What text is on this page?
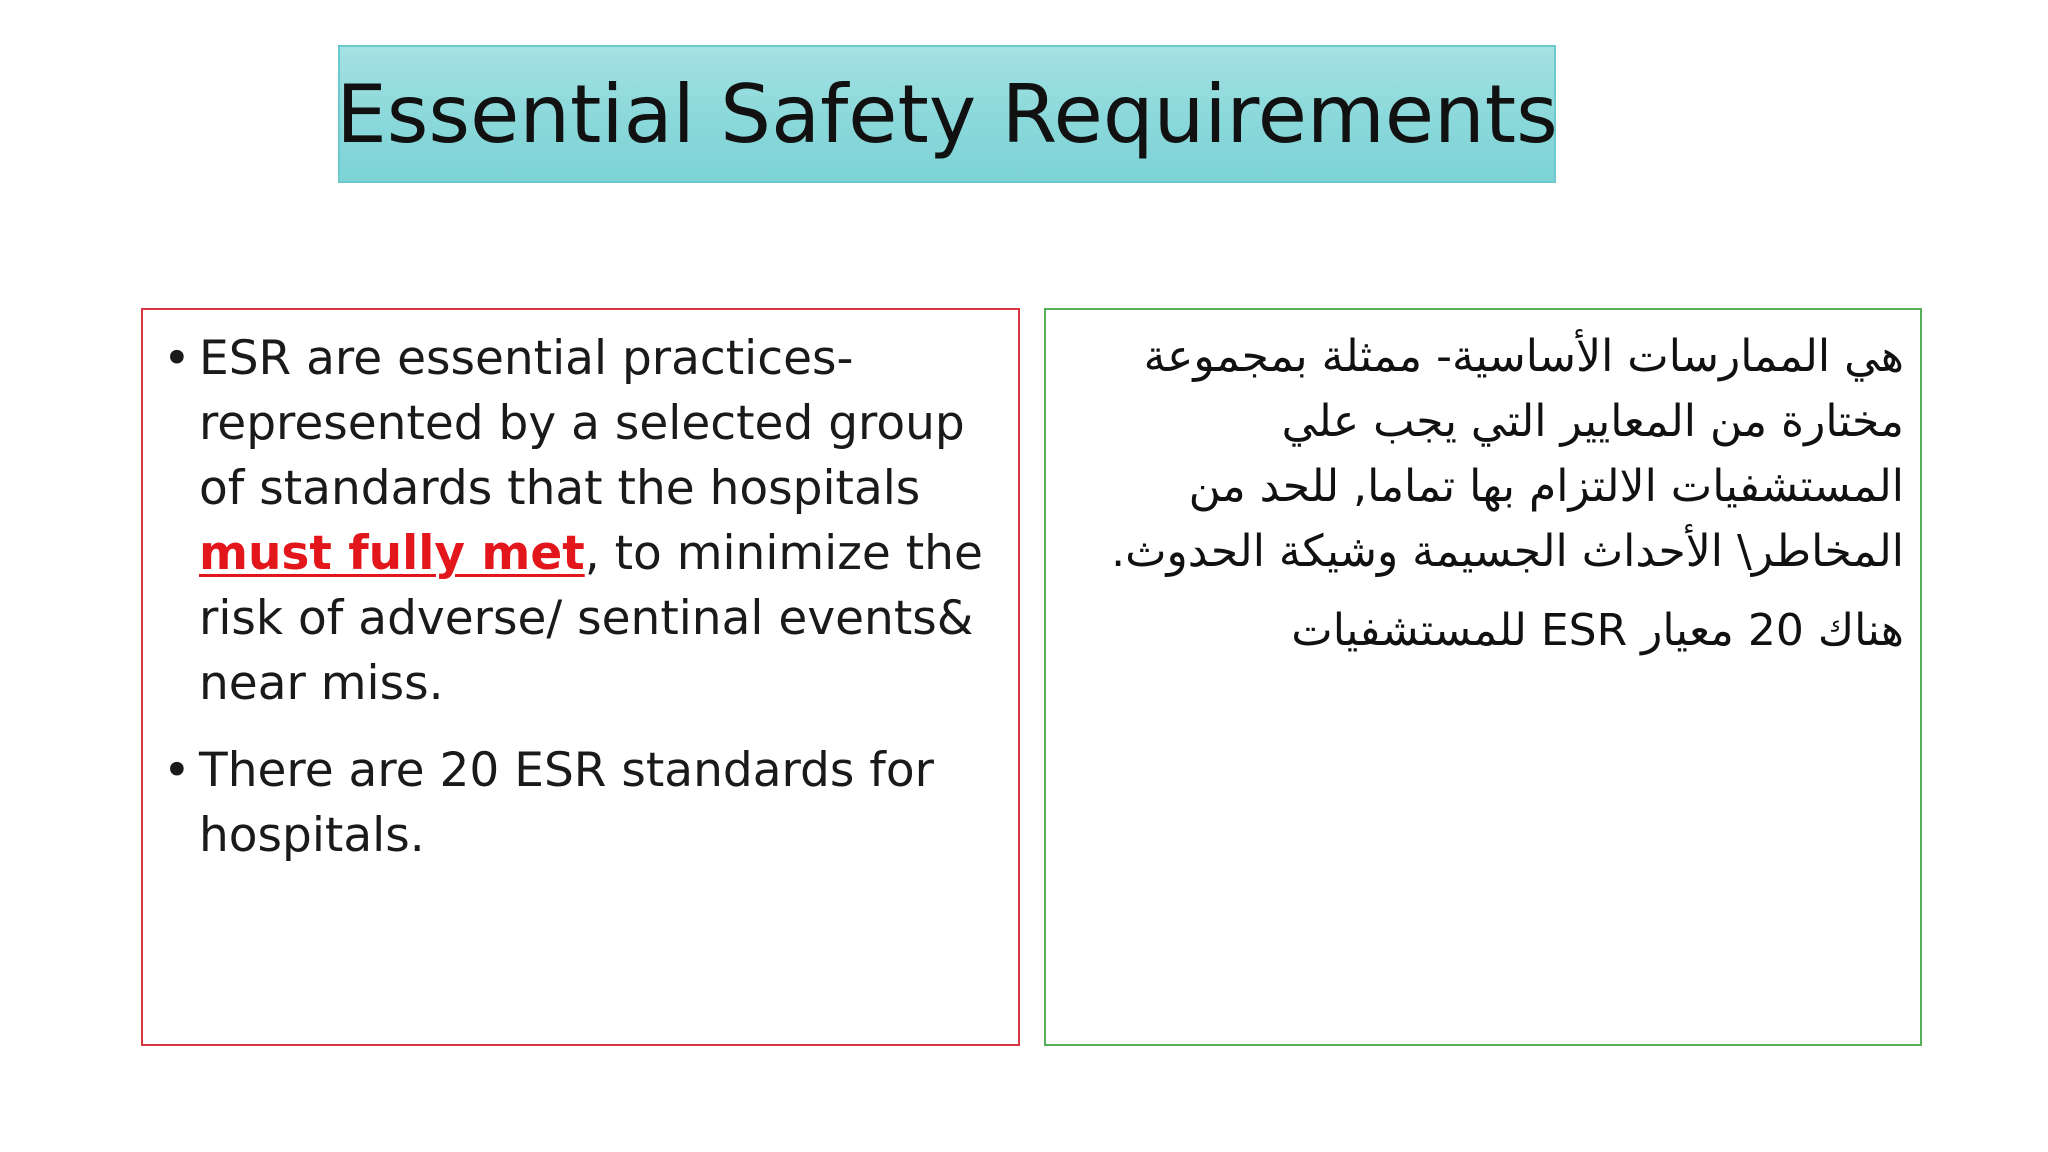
Essential Safety Requirements
• ESR are essential practices- represented by a selected group of standards that the hospitals must fully met, to minimize the risk of adverse/ sentinal events& near miss.
• There are 20 ESR standards for hospitals.

هي الممارسات الأساسية- ممثلة بمجموعة مختارة من المعايير التي يجب علي المستشفيات الالتزام بها تماما, للحد من المخاطر\ الأحداث الجسيمة وشيكة الحدوث.

هناك 20 معيار ESR للمستشفيات
